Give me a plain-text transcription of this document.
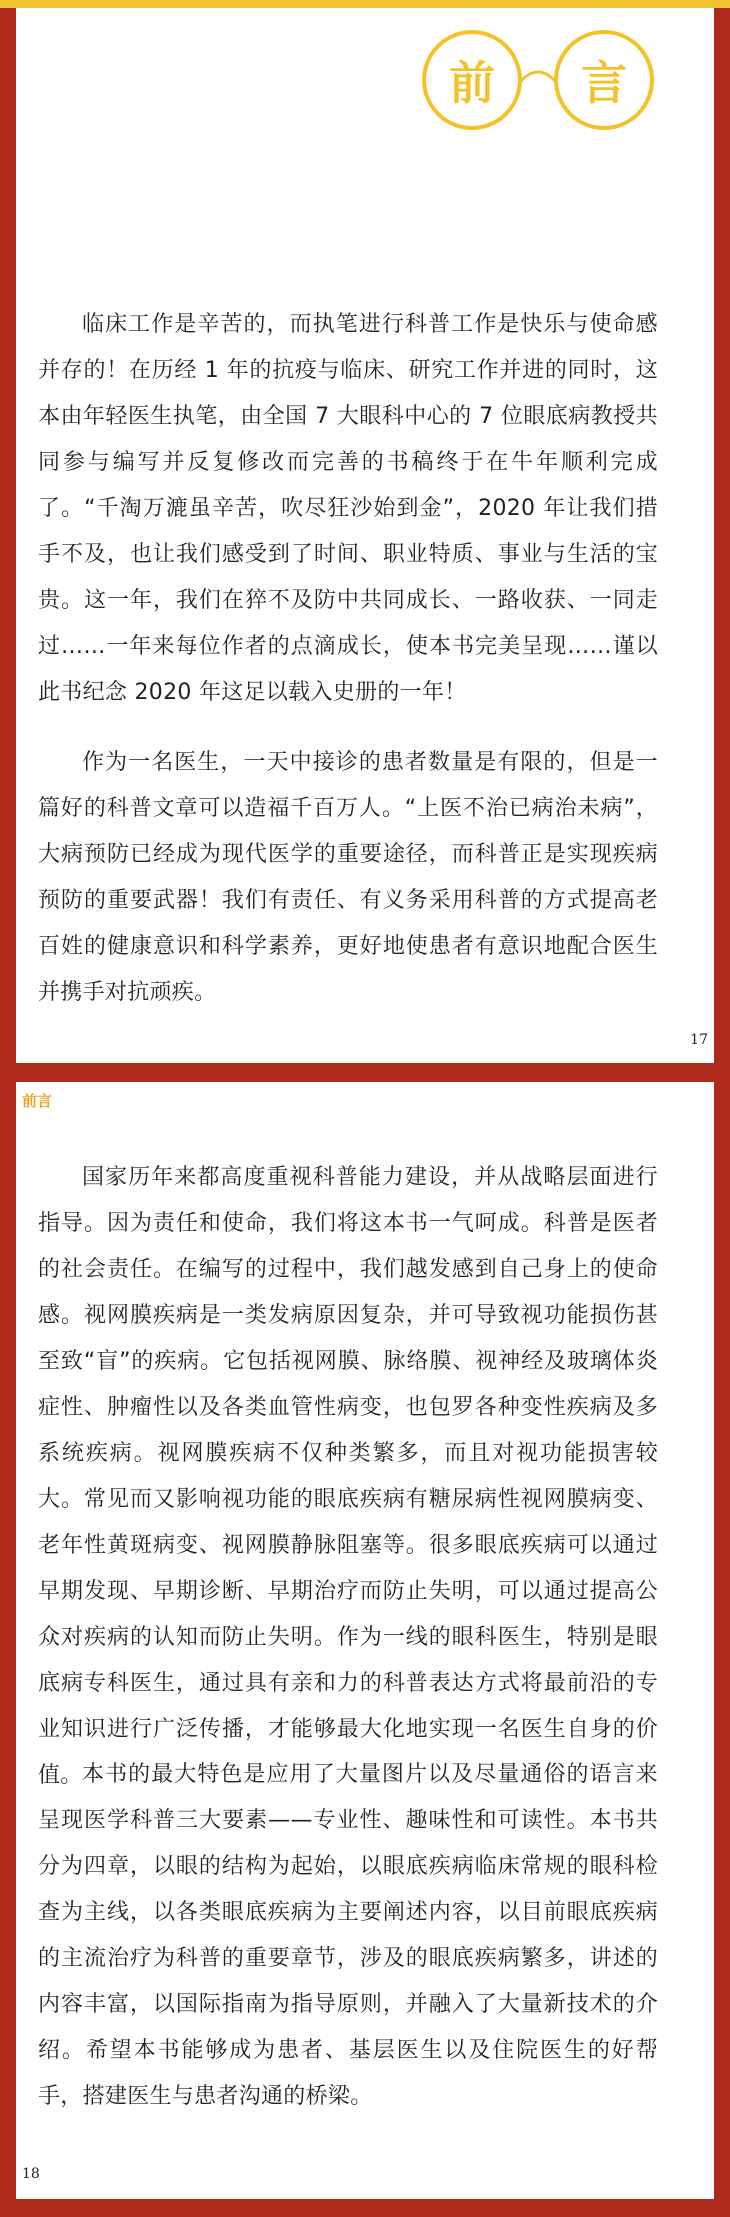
前	言
临床工作是辛苦的，而执笔进行科普工作是快乐与使命感并存的！在历经 1 年的抗疫与临床、研究工作并进的同时，这本由年轻医生执笔，由全国 7 大眼科中心的 7 位眼底病教授共同参与编写并反复修改而完善的书稿终于在牛年顺利完成了。“千淘万漉虽辛苦，吹尽狂沙始到金”，2020 年让我们措手不及，也让我们感受到了时间、职业特质、事业与生活的宝贵。这一年，我们在猝不及防中共同成长、一路收获、一同走过……一年来每位作者的点滴成长，使本书完美呈现……谨以此书纪念 2020 年这足以载入史册的一年！
作为一名医生，一天中接诊的患者数量是有限的，但是一篇好的科普文章可以造福千百万人。“上医不治已病治未病”，大病预防已经成为现代医学的重要途径，而科普正是实现疾病预防的重要武器！我们有责任、有义务采用科普的方式提高老百姓的健康意识和科学素养，更好地使患者有意识地配合医生并携手对抗顽疾。
17
前言
国家历年来都高度重视科普能力建设，并从战略层面进行指导。因为责任和使命，我们将这本书一气呵成。科普是医者的社会责任。在编写的过程中，我们越发感到自己身上的使命感。视网膜疾病是一类发病原因复杂，并可导致视功能损伤甚至致“盲”的疾病。它包括视网膜、脉络膜、视神经及玻璃体炎症性、肿瘤性以及各类血管性病变，也包罗各种变性疾病及多系统疾病。视网膜疾病不仅种类繁多，而且对视功能损害较大。常见而又影响视功能的眼底疾病有糖尿病性视网膜病变、老年性黄斑病变、视网膜静脉阻塞等。很多眼底疾病可以通过早期发现、早期诊断、早期治疗而防止失明，可以通过提高公众对疾病的认知而防止失明。作为一线的眼科医生，特别是眼底病专科医生，通过具有亲和力的科普表达方式将最前沿的专业知识进行广泛传播，才能够最大化地实现一名医生自身的价值。 本书的最大特色是应用了大量图片以及尽量通俗的语言来呈现医学科普三大要素——专业性、趣味性和可读性。本书共分为四章，以眼的结构为起始，以眼底疾病临床常规的眼科检查为主线，以各类眼底疾病为主要阐述内容，以目前眼底疾病的主流治疗为科普的重要章节，涉及的眼底疾病繁多，讲述的内容丰富，以国际指南为指导原则，并融入了大量新技术的介绍。希望本书能够成为患者、基层医生以及住院医生的好帮手，搭建医生与患者沟通的桥梁。
18
